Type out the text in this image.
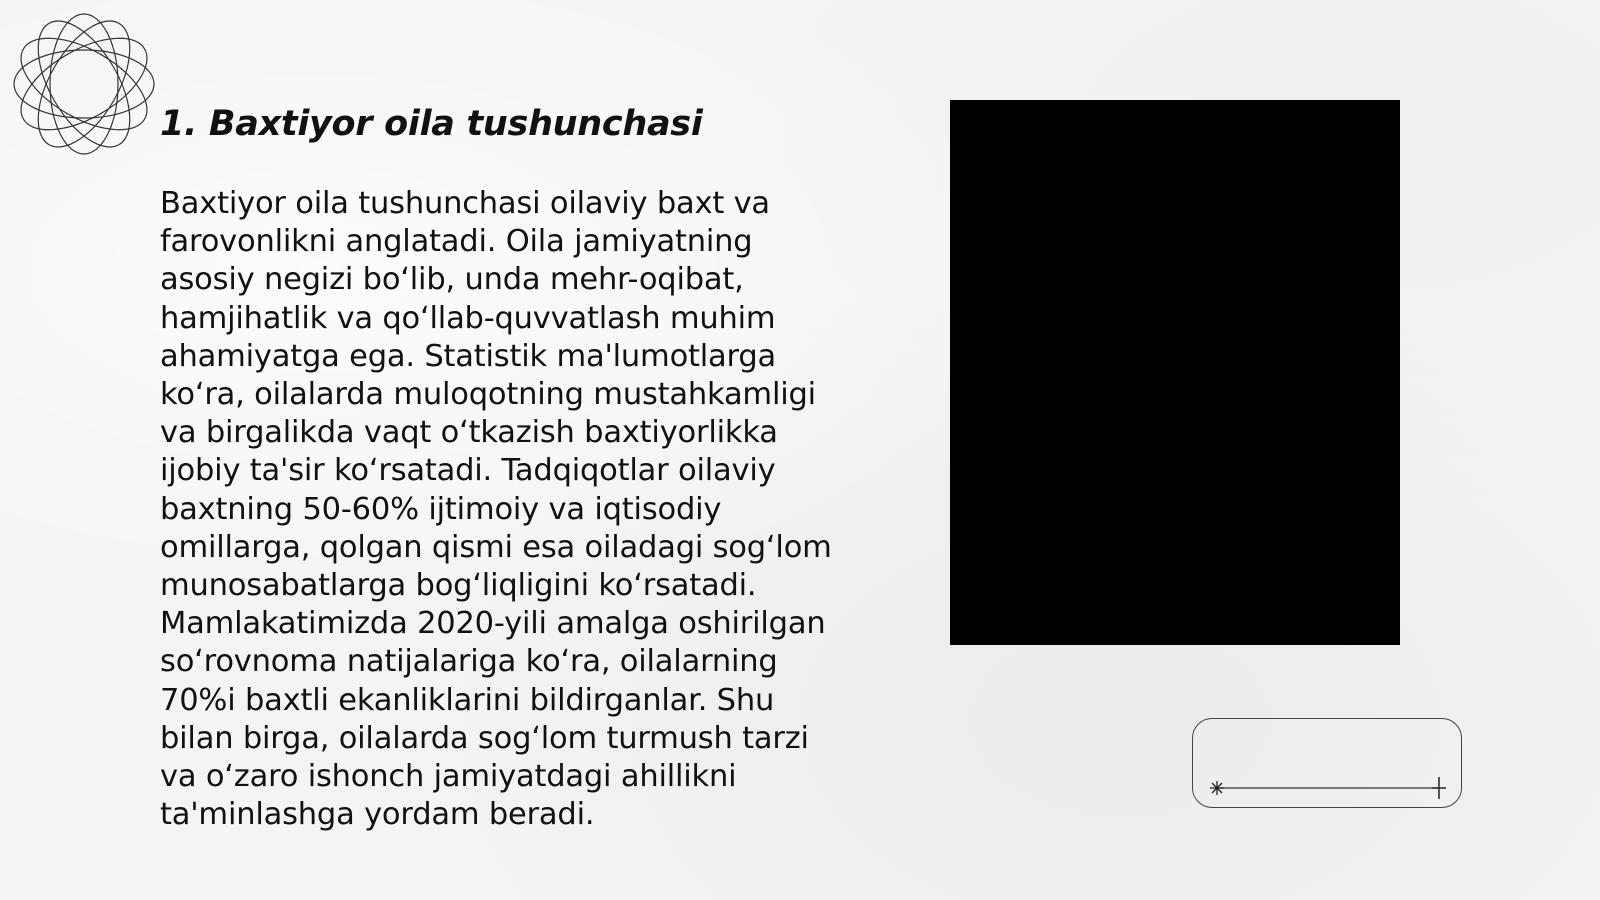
1. Baxtiyor oila tushunchasi

Baxtiyor oila tushunchasi oilaviy baxt va farovonlikni anglatadi. Oila jamiyatning asosiy negizi boʻlib, unda mehr-oqibat, hamjihatlik va qoʻllab-quvvatlash muhim ahamiyatga ega. Statistik ma'lumotlarga koʻra, oilalarda muloqotning mustahkamligi va birgalikda vaqt oʻtkazish baxtiyorlikka ijobiy ta'sir koʻrsatadi. Tadqiqotlar oilaviy baxtning 50-60% ijtimoiy va iqtisodiy omillarga, qolgan qismi esa oiladagi sogʻlom munosabatlarga bogʻliqligini koʻrsatadi. Mamlakatimizda 2020-yili amalga oshirilgan soʻrovnoma natijalariga koʻra, oilalarning 70%i baxtli ekanliklarini bildirganlar. Shu bilan birga, oilalarda sogʻlom turmush tarzi va oʻzaro ishonch jamiyatdagi ahillikni ta'minlashga yordam beradi.
